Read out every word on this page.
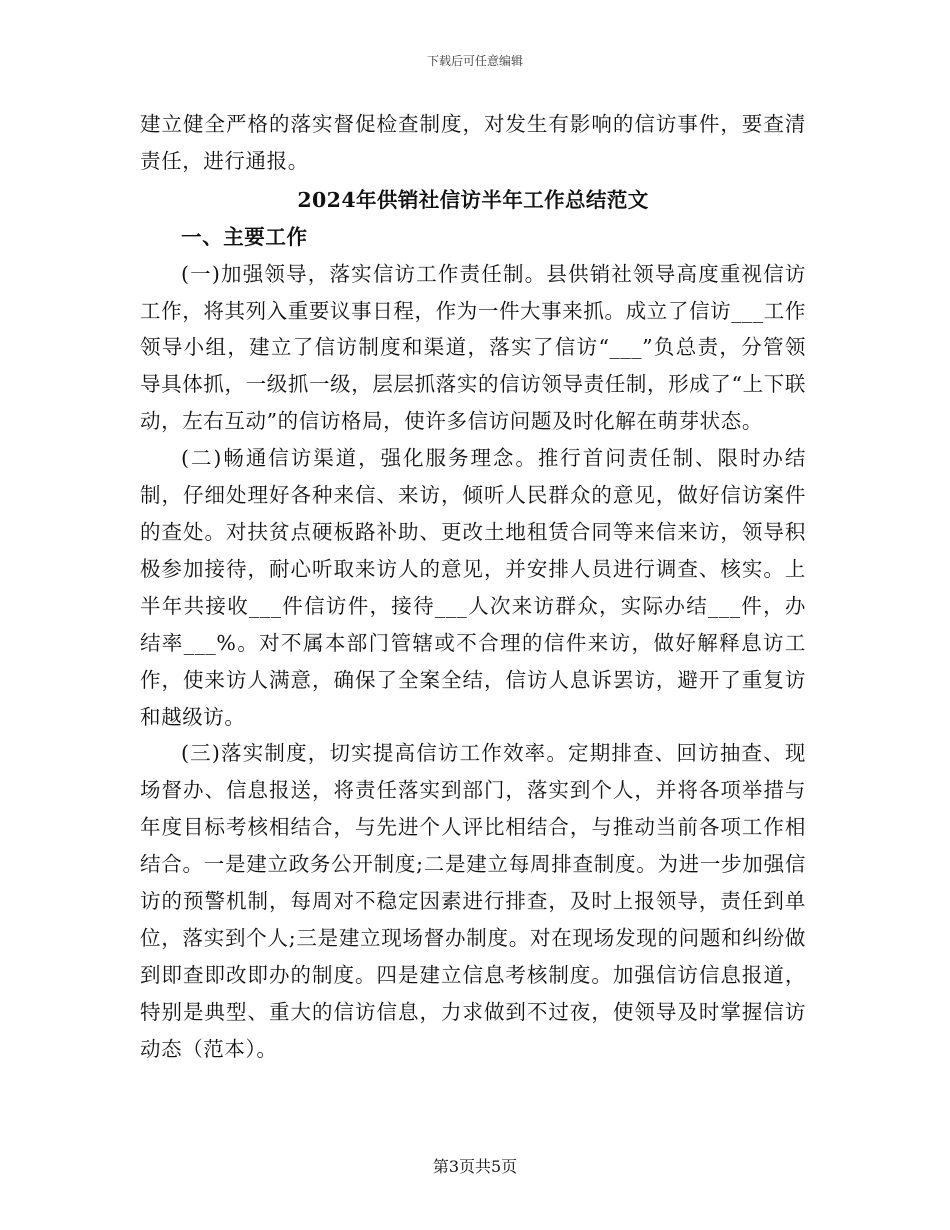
下载后可任意编辑

建立健全严格的落实督促检查制度，对发生有影响的信访事件，要查清责任，进行通报。

2024年供销社信访半年工作总结范文
一、主要工作

(一)加强领导，落实信访工作责任制。县供销社领导高度重视信访工作，将其列入重要议事日程，作为一件大事来抓。成立了信访___工作领导小组，建立了信访制度和渠道，落实了信访“___”负总责，分管领导具体抓，一级抓一级，层层抓落实的信访领导责任制，形成了“上下联动，左右互动”的信访格局，使许多信访问题及时化解在萌芽状态。

(二)畅通信访渠道，强化服务理念。推行首问责任制、限时办结制，仔细处理好各种来信、来访，倾听人民群众的意见，做好信访案件的查处。对扶贫点硬板路补助、更改土地租赁合同等来信来访，领导积极参加接待，耐心听取来访人的意见，并安排人员进行调查、核实。上半年共接收___件信访件，接待___人次来访群众，实际办结___件，办结率___%。对不属本部门管辖或不合理的信件来访，做好解释息访工作，使来访人满意，确保了全案全结，信访人息诉罢访，避开了重复访和越级访。

(三)落实制度，切实提高信访工作效率。定期排查、回访抽查、现场督办、信息报送，将责任落实到部门，落实到个人，并将各项举措与年度目标考核相结合，与先进个人评比相结合，与推动当前各项工作相结合。一是建立政务公开制度;二是建立每周排查制度。为进一步加强信访的预警机制，每周对不稳定因素进行排查，及时上报领导，责任到单位，落实到个人;三是建立现场督办制度。对在现场发现的问题和纠纷做到即查即改即办的制度。四是建立信息考核制度。加强信访信息报道，特别是典型、重大的信访信息，力求做到不过夜，使领导及时掌握信访动态（范本）。

第3页共5页
